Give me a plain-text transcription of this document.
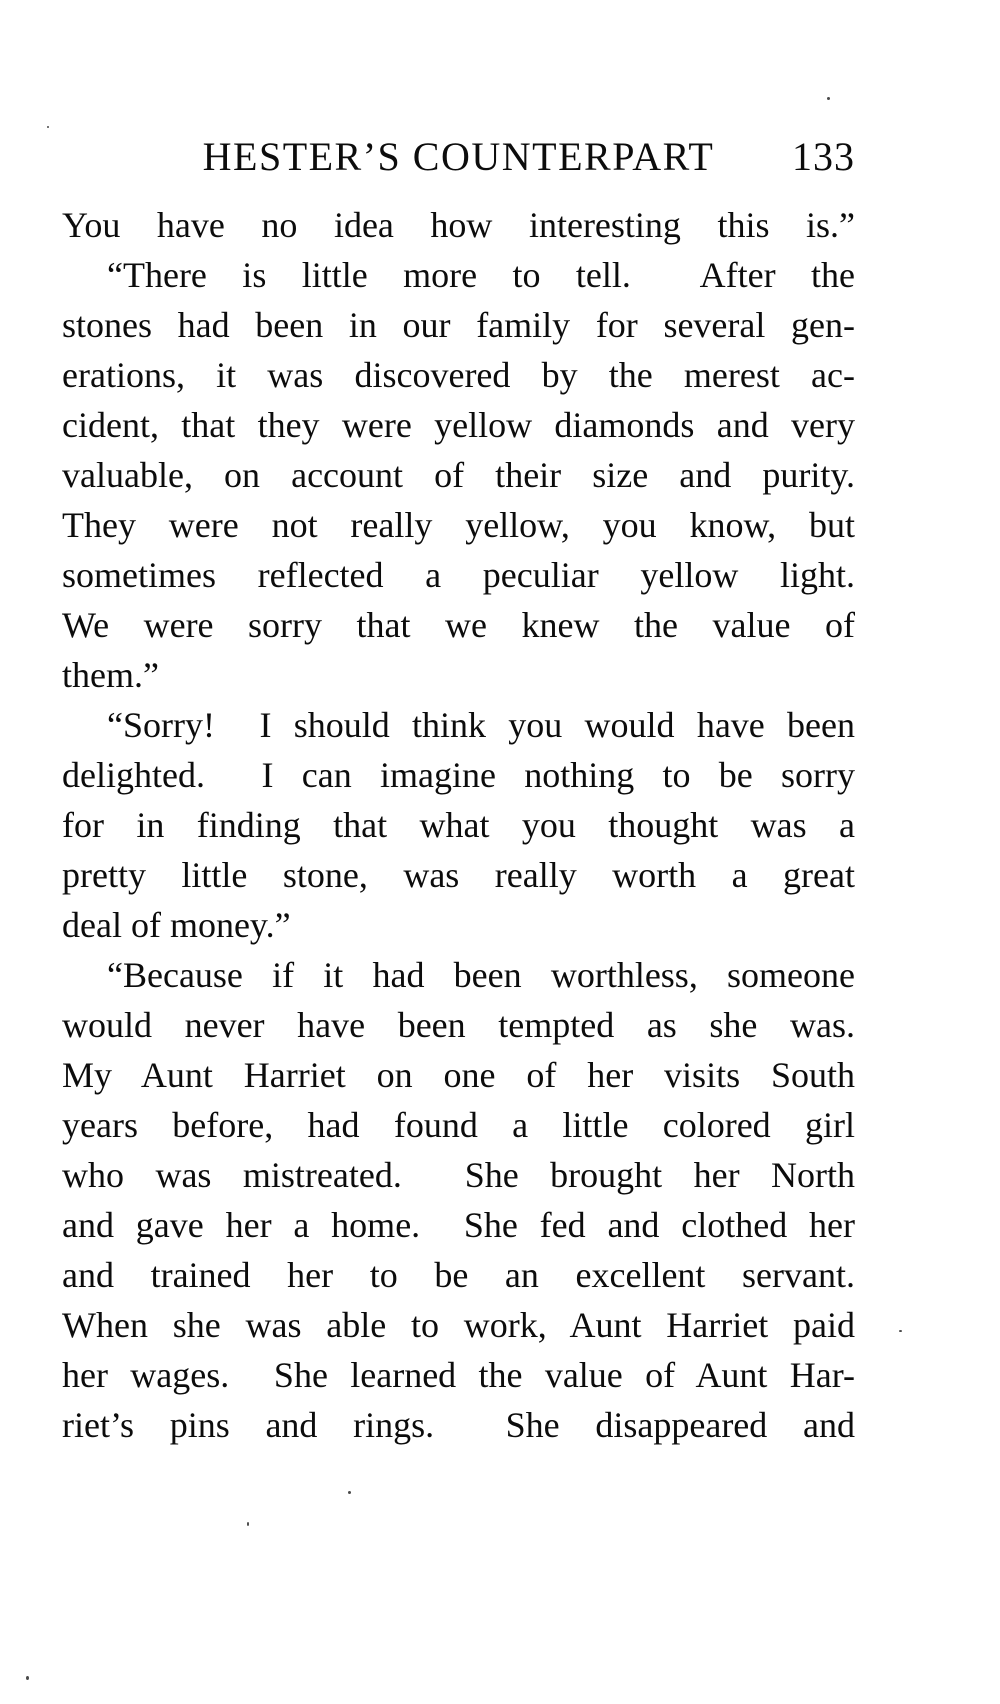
HESTER’S COUNTERPART 133
You have no idea how interesting this is.”
“There is little more to tell.  After the
stones had been in our family for several gen-
erations, it was discovered by the merest ac-
cident, that they were yellow diamonds and very
valuable, on account of their size and purity.
They were not really yellow, you know, but
sometimes reflected a peculiar yellow light.
We were sorry that we knew the value of
them.”
“Sorry!  I should think you would have been
delighted.  I can imagine nothing to be sorry
for in finding that what you thought was a
pretty little stone, was really worth a great
deal of money.”
“Because if it had been worthless, someone
would never have been tempted as she was.
My Aunt Harriet on one of her visits South
years before, had found a little colored girl
who was mistreated.  She brought her North
and gave her a home.  She fed and clothed her
and trained her to be an excellent servant.
When she was able to work, Aunt Harriet paid
her wages.  She learned the value of Aunt Har-
riet’s pins and rings.  She disappeared and
